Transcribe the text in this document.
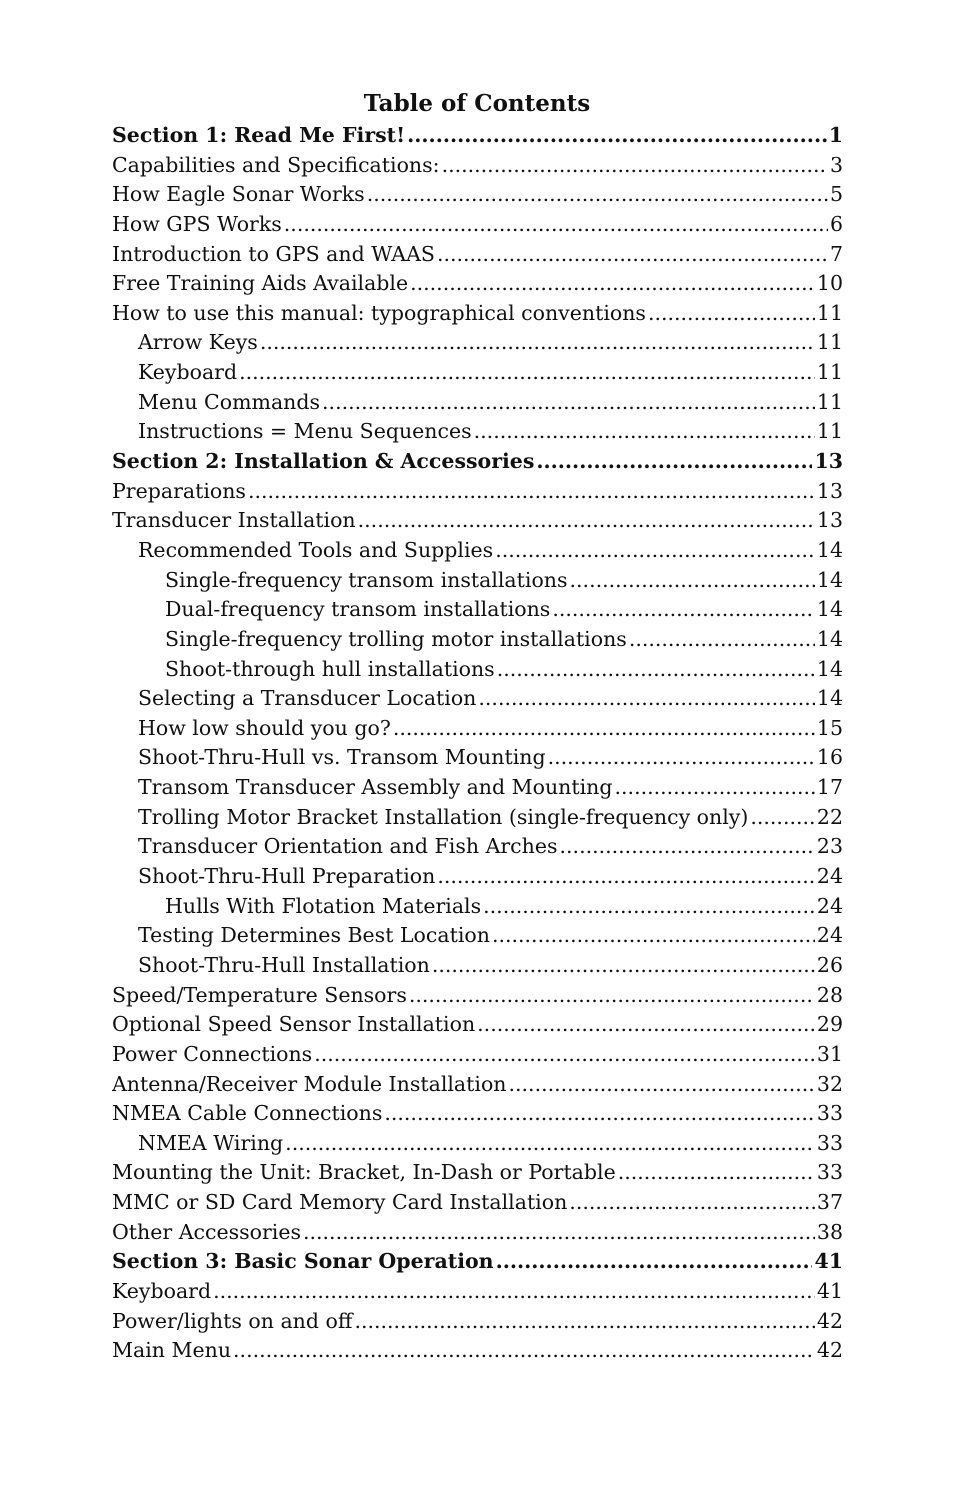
Table of Contents
Section 1: Read Me First! .....	1
Capabilities and Specifications: .....	3
How Eagle Sonar Works .....	5
How GPS Works .....	6
Introduction to GPS and WAAS .....	7
Free Training Aids Available .....	10
How to use this manual: typographical conventions .....	11
Arrow Keys .....	11
Keyboard .....	11
Menu Commands .....	11
Instructions = Menu Sequences .....	11
Section 2: Installation & Accessories .....	13
Preparations .....	13
Transducer Installation .....	13
Recommended Tools and Supplies .....	14
Single-frequency transom installations .....	14
Dual-frequency transom installations .....	14
Single-frequency trolling motor installations .....	14
Shoot-through hull installations .....	14
Selecting a Transducer Location .....	14
How low should you go? .....	15
Shoot-Thru-Hull vs. Transom Mounting .....	16
Transom Transducer Assembly and Mounting .....	17
Trolling Motor Bracket Installation (single-frequency only) .....	22
Transducer Orientation and Fish Arches .....	23
Shoot-Thru-Hull Preparation .....	24
Hulls With Flotation Materials .....	24
Testing Determines Best Location .....	24
Shoot-Thru-Hull Installation .....	26
Speed/Temperature Sensors .....	28
Optional Speed Sensor Installation .....	29
Power Connections .....	31
Antenna/Receiver Module Installation .....	32
NMEA Cable Connections .....	33
NMEA Wiring .....	33
Mounting the Unit: Bracket, In-Dash or Portable .....	33
MMC or SD Card Memory Card Installation .....	37
Other Accessories .....	38
Section 3: Basic Sonar Operation .....	41
Keyboard .....	41
Power/lights on and off .....	42
Main Menu .....	42
